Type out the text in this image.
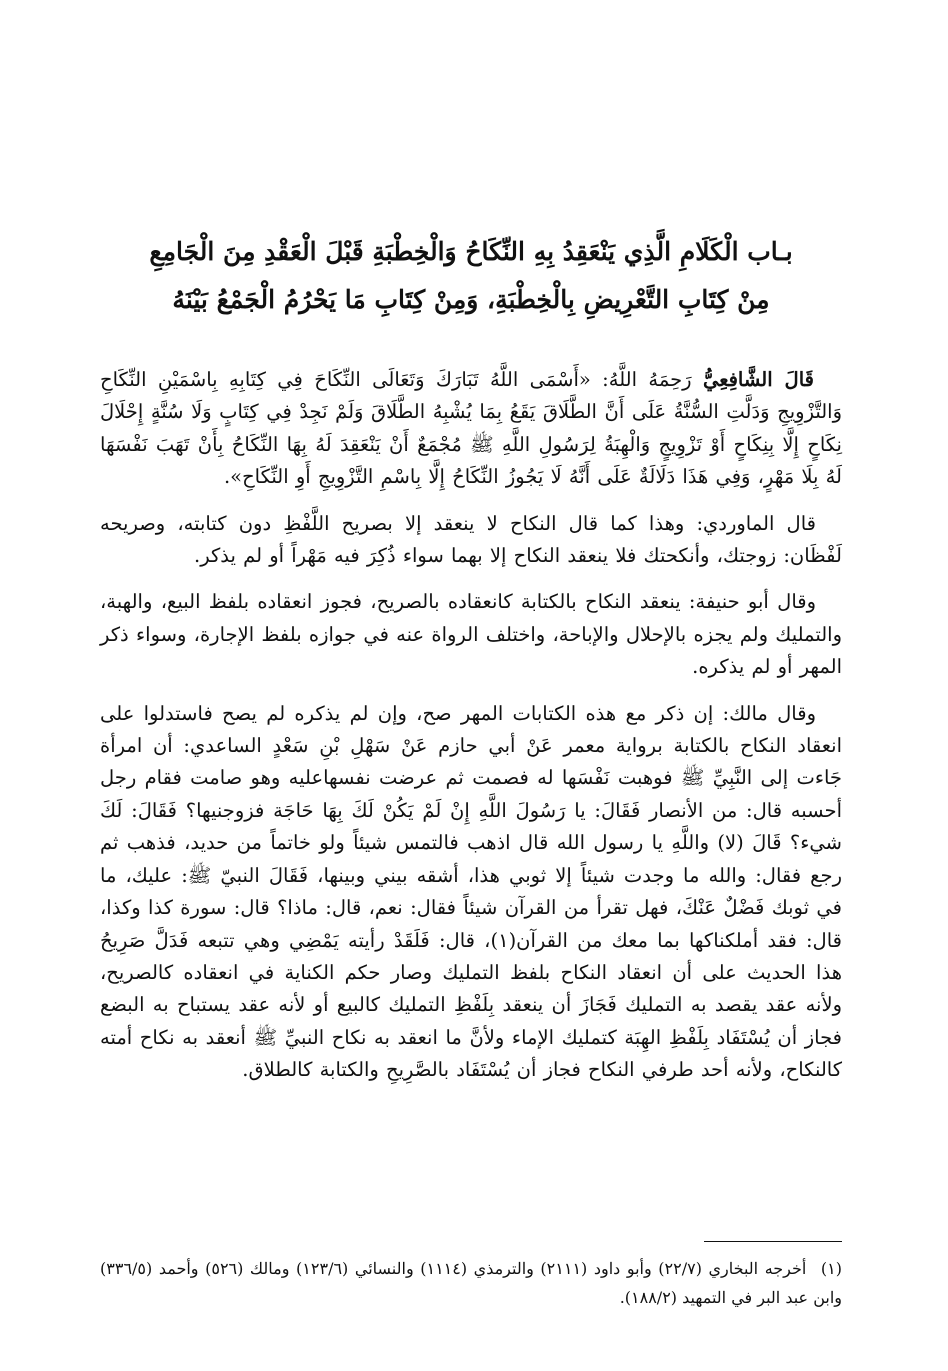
بـاب الْكَلَامِ الَّذِي يَنْعَقِدُ بِهِ النِّكَاحُ وَالْخِطْبَةِ قَبْلَ الْعَقْدِ مِنَ الْجَامِعِ
مِنْ كِتَابِ التَّعْرِيضِ بِالْخِطْبَةِ، وَمِنْ كِتَابِ مَا يَحْرُمُ الْجَمْعُ بَيْنَهُ

قَالَ الشَّافِعِيُّ رَحِمَهُ اللَّهُ: «أَسْمَى اللَّهُ تَبَارَكَ وَتَعَالَى النِّكَاحَ فِي كِتَابِهِ بِاسْمَيْنِ النِّكَاحِ وَالتَّزْوِيجِ وَدَلَّتِ السُّنَّةُ عَلَى أَنَّ الطَّلَاقَ يَقَعُ بِمَا يُشْبِهُ الطَّلَاقَ وَلَمْ نَجِدْ فِي كِتَابٍ وَلَا سُنَّةٍ إِحْلَالَ نِكَاحٍ إِلَّا بِنِكَاحٍ أَوْ تَزْوِيجٍ وَالْهِبَةُ لِرَسُولِ اللَّهِ ﷺ مُجْمَعٌ أَنْ يَنْعَقِدَ لَهُ بِهَا النِّكَاحُ بِأَنْ تَهَبَ نَفْسَهَا لَهُ بِلَا مَهْرٍ، وَفِي هَذَا دَلَالَةٌ عَلَى أَنَّهُ لَا يَجُوزُ النِّكَاحُ إِلَّا بِاسْمِ التَّزْوِيجِ أَوِ النِّكَاحِ».

قال الماوردي: وهذا كما قال النكاح لا ينعقد إلا بصريح اللَّفْظِ دون كتابته، وصريحه لَفْظَان: زوجتك، وأنكحتك فلا ينعقد النكاح إلا بهما سواء ذُكِرَ فيه مَهْراً أو لم يذكر.

وقال أبو حنيفة: ينعقد النكاح بالكتابة كانعقاده بالصريح، فجوز انعقاده بلفظ البيع، والهبة، والتمليك ولم يجزه بالإحلال والإباحة، واختلف الرواة عنه في جوازه بلفظ الإجارة، وسواء ذكر المهر أو لم يذكره.

وقال مالك: إن ذكر مع هذه الكتابات المهر صح، وإن لم يذكره لم يصح فاستدلوا على انعقاد النكاح بالكتابة برواية معمر عَنْ أبي حازم عَنْ سَهْلِ بْنِ سَعْدٍ الساعدي: أن امرأة جَاءت إلى النَّبِيِّ ﷺ فوهبت نَفْسَها له فصمت ثم عرضت نفسهاعليه وهو صامت فقام رجل أحسبه قال: من الأنصار فَقَالَ: يا رَسُولَ اللَّهِ إِنْ لَمْ يَكُنْ لَكَ بِهَا حَاجَة فزوجنيها؟ فَقَالَ: لَكَ شيء؟ قَالَ (لا) واللَّهِ يا رسول الله قال اذهب فالتمس شيئاً ولو خاتماً من حديد، فذهب ثم رجع فقال: والله ما وجدت شيئاً إلا ثوبي هذا، أشقه بيني وبينها، فَقَالَ النبيّ ﷺ: عليك، ما في ثوبك فَضْلٌ عَنْكَ، فهل تقرأ من القرآن شيئاً فقال: نعم، قال: ماذا؟ قال: سورة كذا وكذا، قال: فقد أملكناكها بما معك من القرآن(١)، قال: فَلَقَدْ رأيته يَمْضِي وهي تتبعه فَدَلَّ صَرِيحُ هذا الحديث على أن انعقاد النكاح بلفظ التمليك وصار حكم الكناية في انعقاده كالصريح، ولأنه عقد يقصد به التمليك فَجَازَ أن ينعقد بِلَفْظِ التمليك كالبيع أو لأنه عقد يستباح به البضع فجاز أن يُسْتَفَاد بِلَفْظِ الهِبَة كتمليك الإماء ولأنَّ ما انعقد به نكاح النبيِّ ﷺ أنعقد به نكاح أمته كالنكاح، ولأنه أحد طرفي النكاح فجاز أن يُسْتَفَاد بالصَّرِيحِ والكتابة كالطلاق.

(١) أخرجه البخاري (٢٢/٧) وأبو داود (٢١١١) والترمذي (١١١٤) والنسائي (١٢٣/٦) ومالك (٥٢٦) وأحمد (٣٣٦/٥) وابن عبد البر في التمهيد (١٨٨/٢).
